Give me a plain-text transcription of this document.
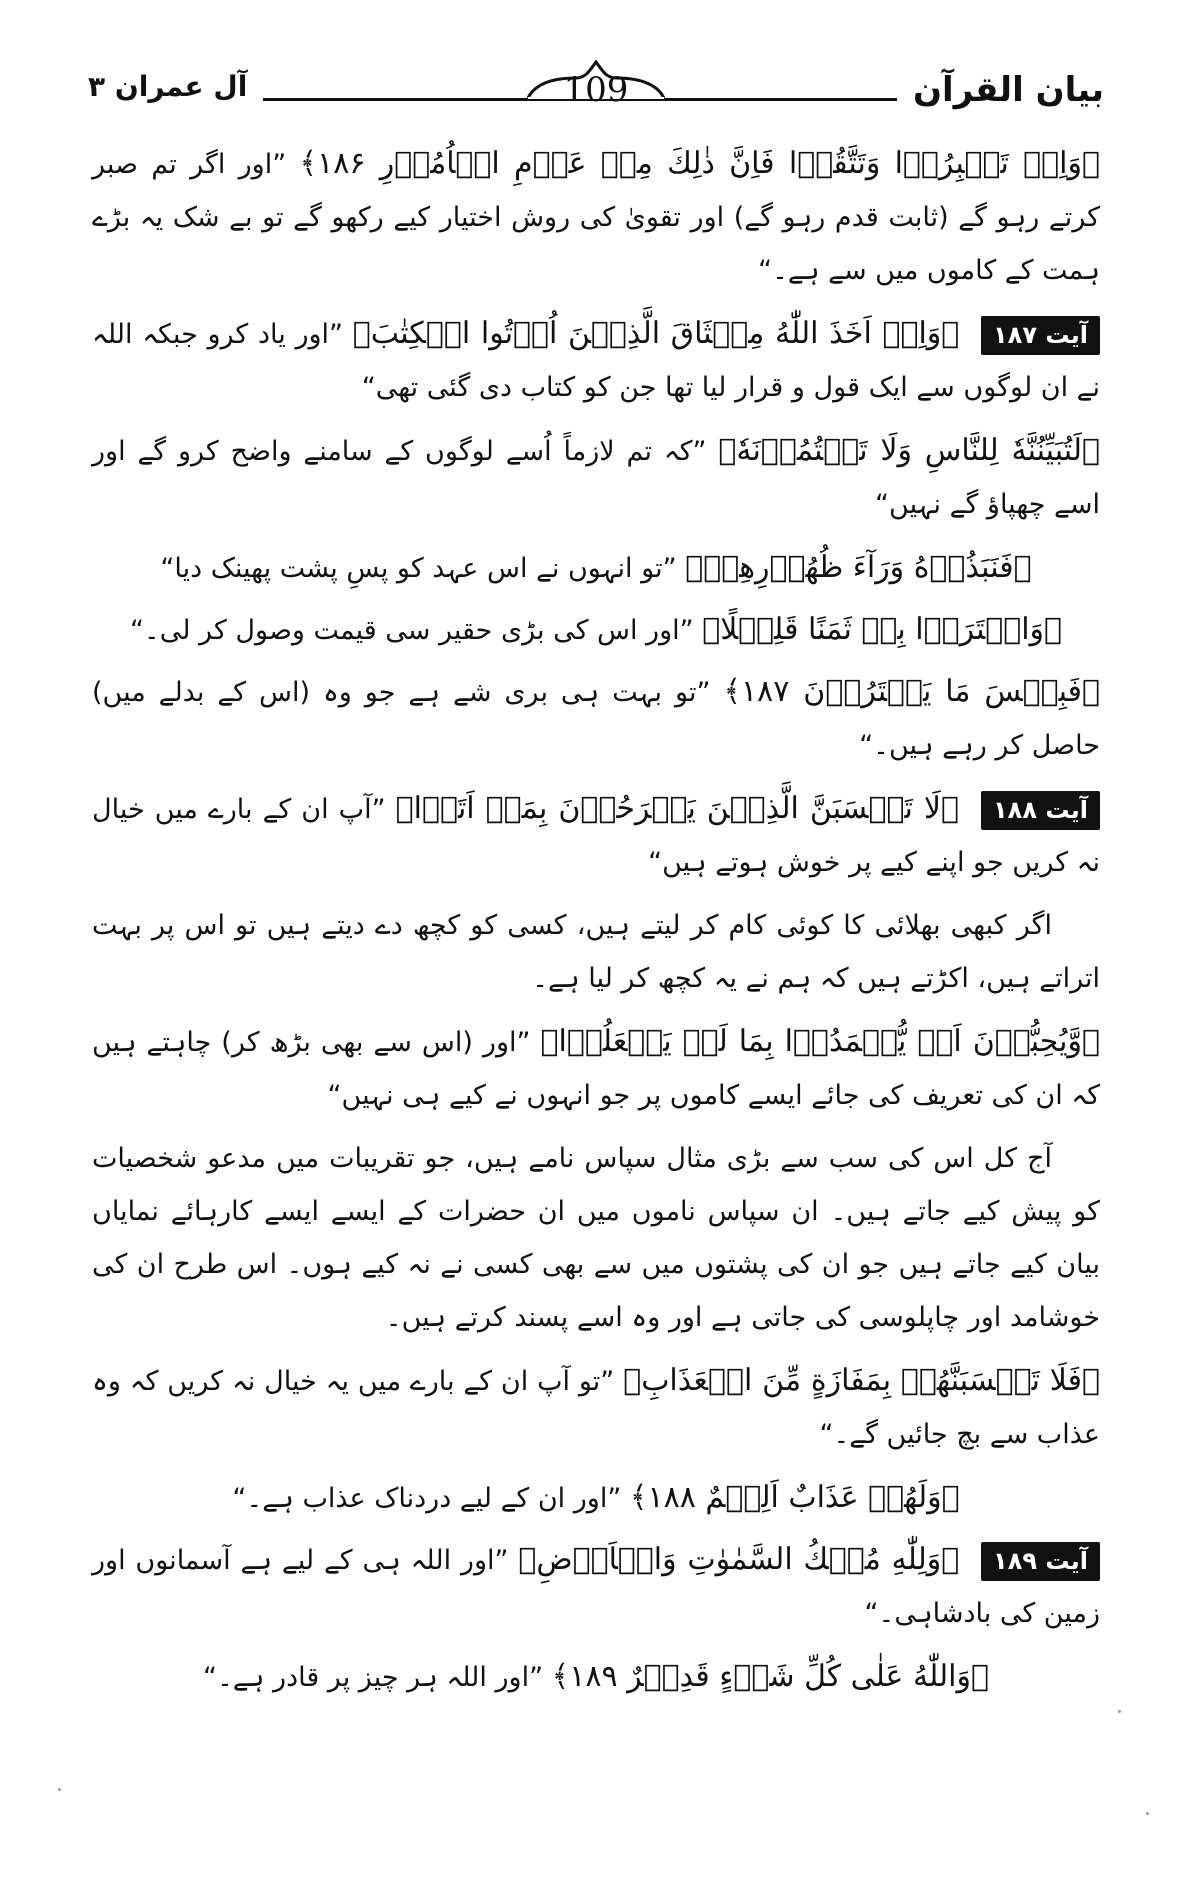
بیان القرآن
109
آل عمران ۳

﴿وَاِنۡ تَصۡبِرُوۡا وَتَتَّقُوۡا فَاِنَّ ذٰلِكَ مِنۡ عَزۡمِ الۡاُمُوۡرِ ۱۸۶﴾ ”اور اگر تم صبر کرتے رہو گے (ثابت قدم رہو گے) اور تقویٰ کی روش اختیار کیے رکھو گے تو بے شک یہ بڑے ہمت کے کاموں میں سے ہے۔“

آیت ۱۸۷ ﴿وَاِذۡ اَخَذَ اللّٰهُ مِيۡثَاقَ الَّذِيۡنَ اُوۡتُوا الۡكِتٰبَ﴾ ”اور یاد کرو جبکہ اللہ نے ان لوگوں سے ایک قول و قرار لیا تھا جن کو کتاب دی گئی تھی“

﴿لَتُبَيِّنُنَّهٗ لِلنَّاسِ وَلَا تَكۡتُمُوۡنَهٗ﴾ ”کہ تم لازماً اُسے لوگوں کے سامنے واضح کرو گے اور اسے چھپاؤ گے نہیں“

﴿فَنَبَذُوۡهُ وَرَآءَ ظُهُوۡرِهِمۡ﴾ ”تو انہوں نے اس عہد کو پسِ پشت پھینک دیا“

﴿وَاشۡتَرَوۡا بِهٖ ثَمَنًا قَلِيۡلًا﴾ ”اور اس کی بڑی حقیر سی قیمت وصول کر لی۔“

﴿فَبِئۡسَ مَا يَشۡتَرُوۡنَ ۱۸۷﴾ ”تو بہت ہی بری شے ہے جو وہ (اس کے بدلے میں) حاصل کر رہے ہیں۔“

آیت ۱۸۸ ﴿لَا تَحۡسَبَنَّ الَّذِيۡنَ يَفۡرَحُوۡنَ بِمَاۤ اَتَوۡا﴾ ”آپ ان کے بارے میں خیال نہ کریں جو اپنے کیے پر خوش ہوتے ہیں“

اگر کبھی بھلائی کا کوئی کام کر لیتے ہیں، کسی کو کچھ دے دیتے ہیں تو اس پر بہت اتراتے ہیں، اکڑتے ہیں کہ ہم نے یہ کچھ کر لیا ہے۔

﴿وَّيُحِبُّوۡنَ اَنۡ يُّحۡمَدُوۡا بِمَا لَمۡ يَفۡعَلُوۡا﴾ ”اور (اس سے بھی بڑھ کر) چاہتے ہیں کہ ان کی تعریف کی جائے ایسے کاموں پر جو انہوں نے کیے ہی نہیں“

آج کل اس کی سب سے بڑی مثال سپاس نامے ہیں، جو تقریبات میں مدعو شخصیات کو پیش کیے جاتے ہیں۔ ان سپاس ناموں میں ان حضرات کے ایسے ایسے کارہائے نمایاں بیان کیے جاتے ہیں جو ان کی پشتوں میں سے بھی کسی نے نہ کیے ہوں۔ اس طرح ان کی خوشامد اور چاپلوسی کی جاتی ہے اور وہ اسے پسند کرتے ہیں۔

﴿فَلَا تَحۡسَبَنَّهُمۡ بِمَفَازَةٍ مِّنَ الۡعَذَابِ﴾ ”تو آپ ان کے بارے میں یہ خیال نہ کریں کہ وہ عذاب سے بچ جائیں گے۔“

﴿وَلَهُمۡ عَذَابٌ اَلِيۡمٌ ۱۸۸﴾ ”اور ان کے لیے دردناک عذاب ہے۔“

آیت ۱۸۹ ﴿وَلِلّٰهِ مُلۡكُ السَّمٰوٰتِ وَالۡاَرۡضِ﴾ ”اور اللہ ہی کے لیے ہے آسمانوں اور زمین کی بادشاہی۔“

﴿وَاللّٰهُ عَلٰى كُلِّ شَىۡءٍ قَدِيۡرٌ ۱۸۹﴾ ”اور اللہ ہر چیز پر قادر ہے۔“
